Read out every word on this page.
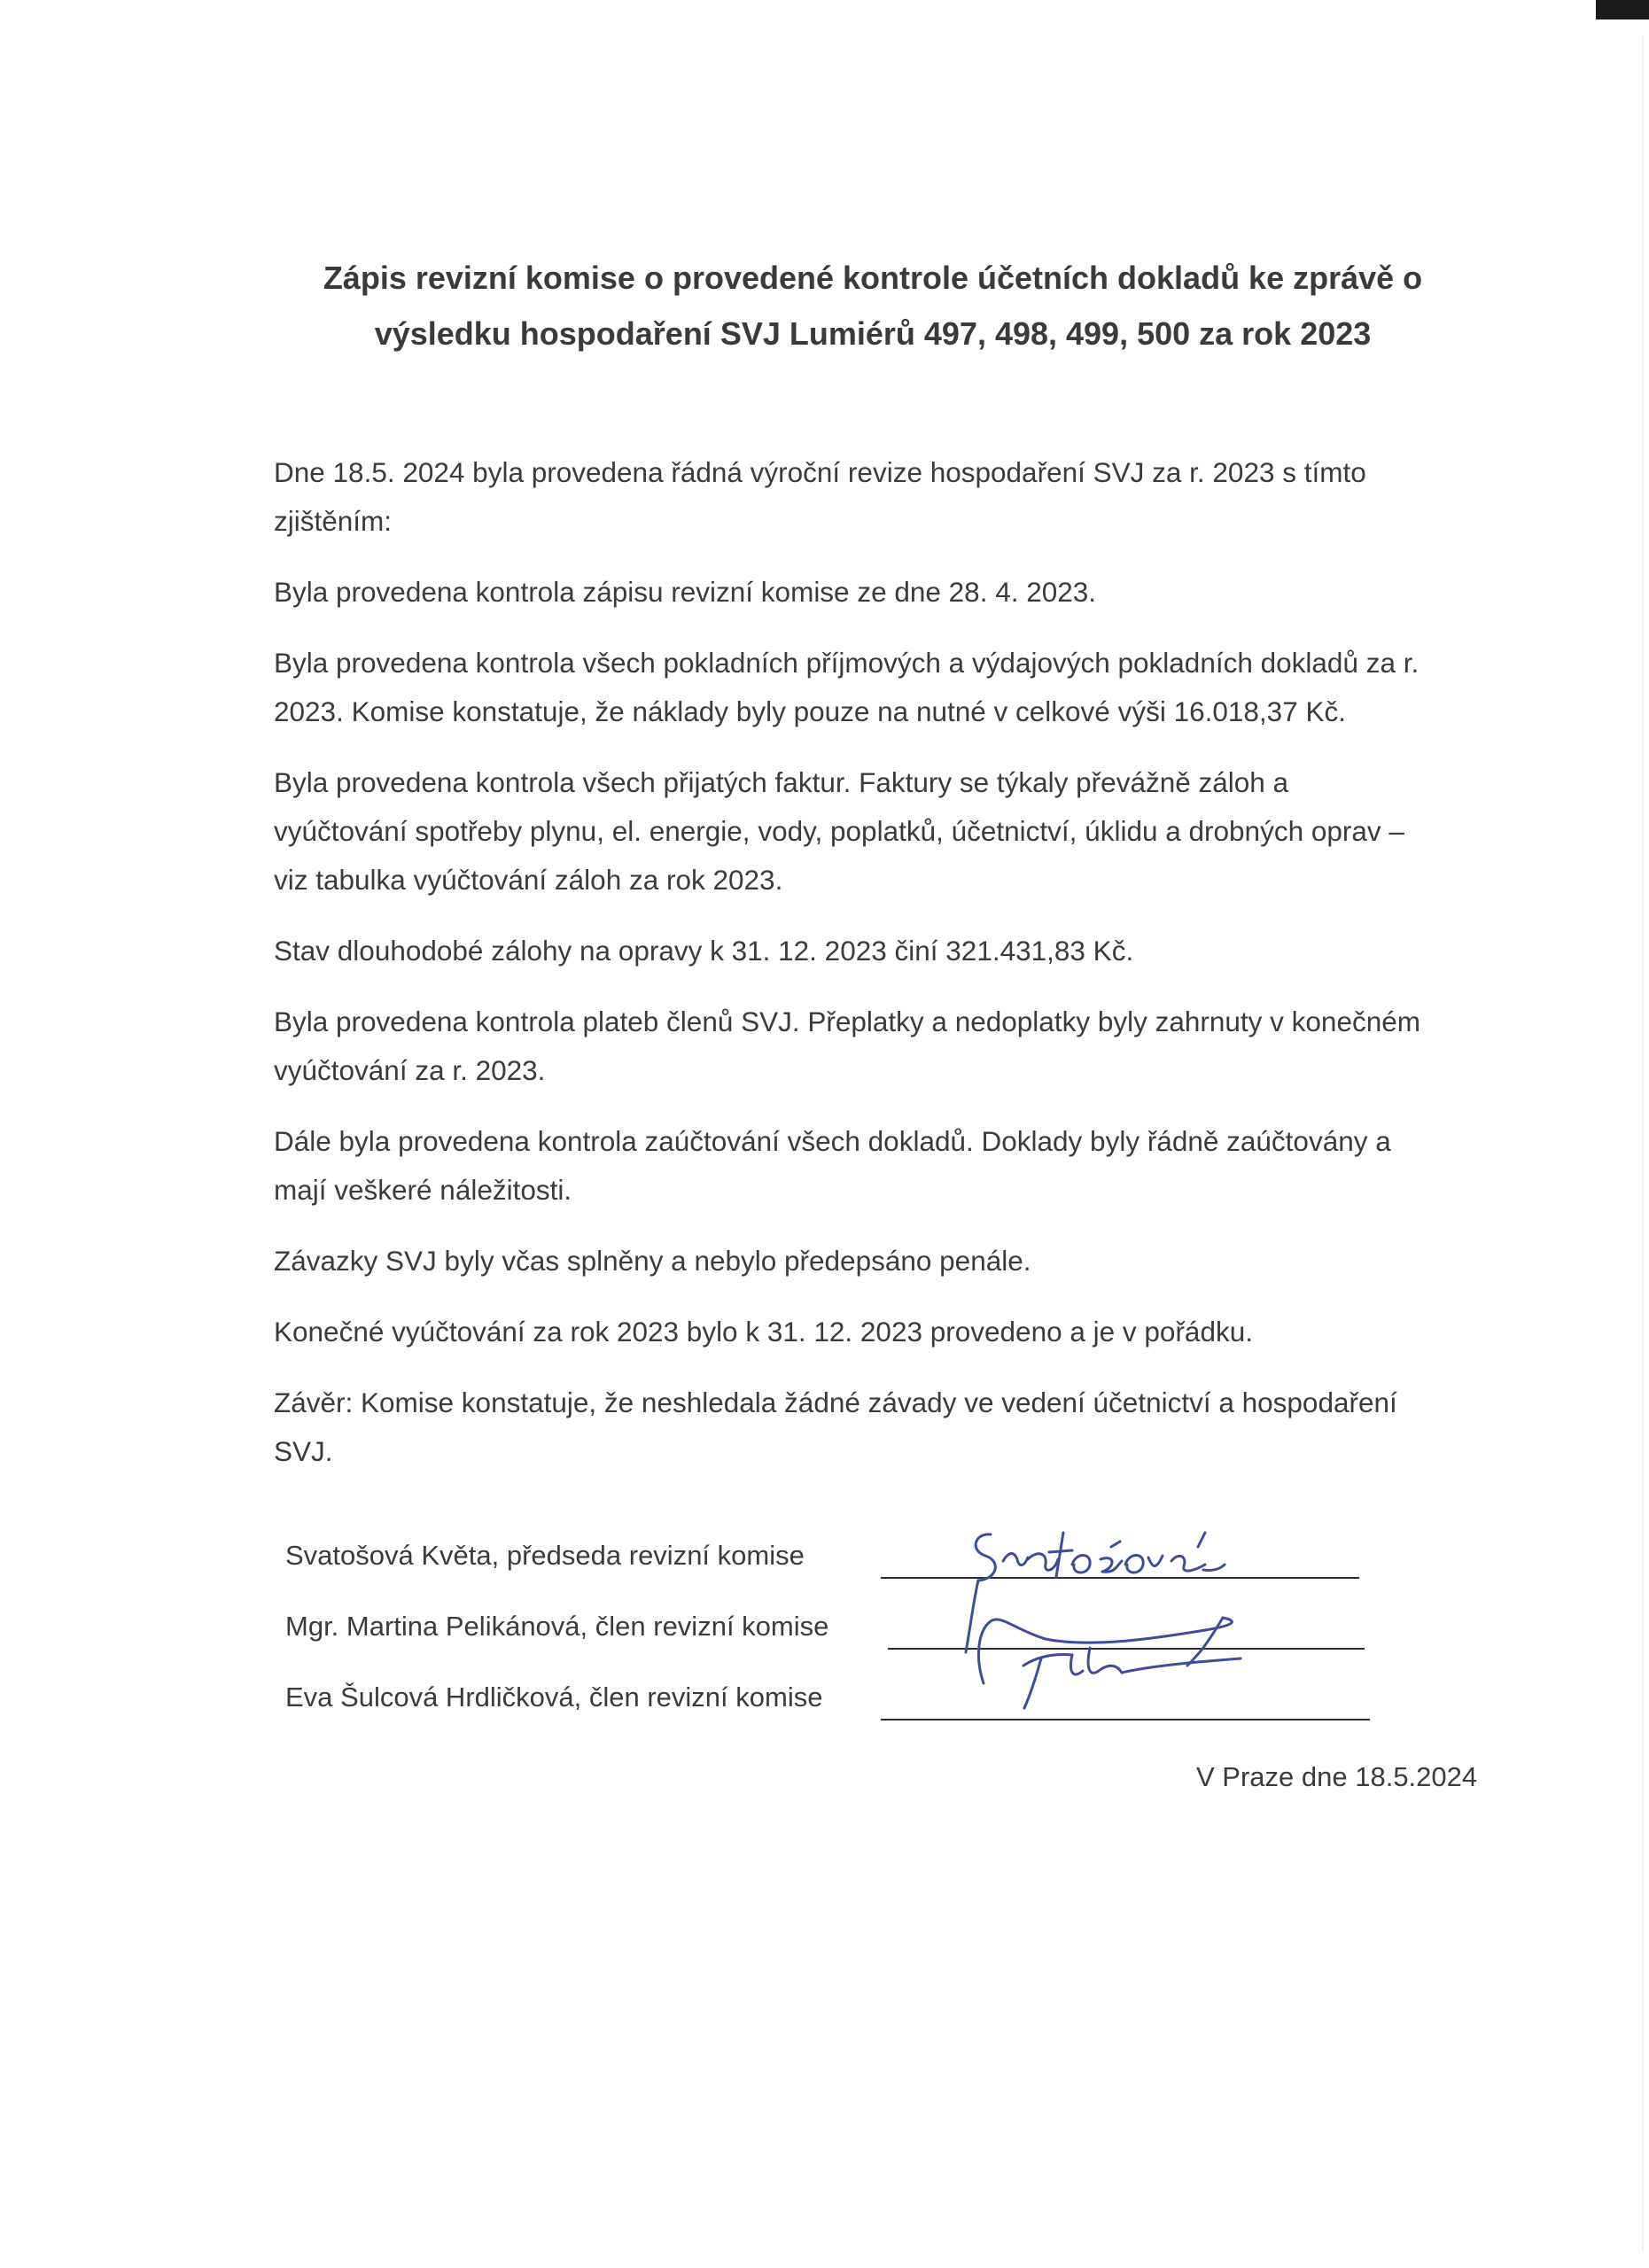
Zápis revizní komise o provedené kontrole účetních dokladů ke zprávě o
výsledku hospodaření SVJ Lumiérů 497, 498, 499, 500 za rok 2023

Dne 18.5. 2024 byla provedena řádná výroční revize hospodaření SVJ za r. 2023 s tímto
zjištěním:

Byla provedena kontrola zápisu revizní komise ze dne 28. 4. 2023.

Byla provedena kontrola všech pokladních příjmových a výdajových pokladních dokladů za r.
2023. Komise konstatuje, že náklady byly pouze na nutné v celkové výši 16.018,37 Kč.

Byla provedena kontrola všech přijatých faktur. Faktury se týkaly převážně záloh a
vyúčtování spotřeby plynu, el. energie, vody, poplatků, účetnictví, úklidu a drobných oprav –
viz tabulka vyúčtování záloh za rok 2023.

Stav dlouhodobé zálohy na opravy k 31. 12. 2023 činí 321.431,83 Kč.

Byla provedena kontrola plateb členů SVJ. Přeplatky a nedoplatky byly zahrnuty v konečném
vyúčtování za r. 2023.

Dále byla provedena kontrola zaúčtování všech dokladů. Doklady byly řádně zaúčtovány a
mají veškeré náležitosti.

Závazky SVJ byly včas splněny a nebylo předepsáno penále.

Konečné vyúčtování za rok 2023 bylo k 31. 12. 2023 provedeno a je v pořádku.

Závěr: Komise konstatuje, že neshledala žádné závady ve vedení účetnictví a hospodaření
SVJ.

Svatošová Květa, předseda revizní komise
Mgr. Martina Pelikánová, člen revizní komise
Eva Šulcová Hrdličková, člen revizní komise
V Praze dne 18.5.2024
